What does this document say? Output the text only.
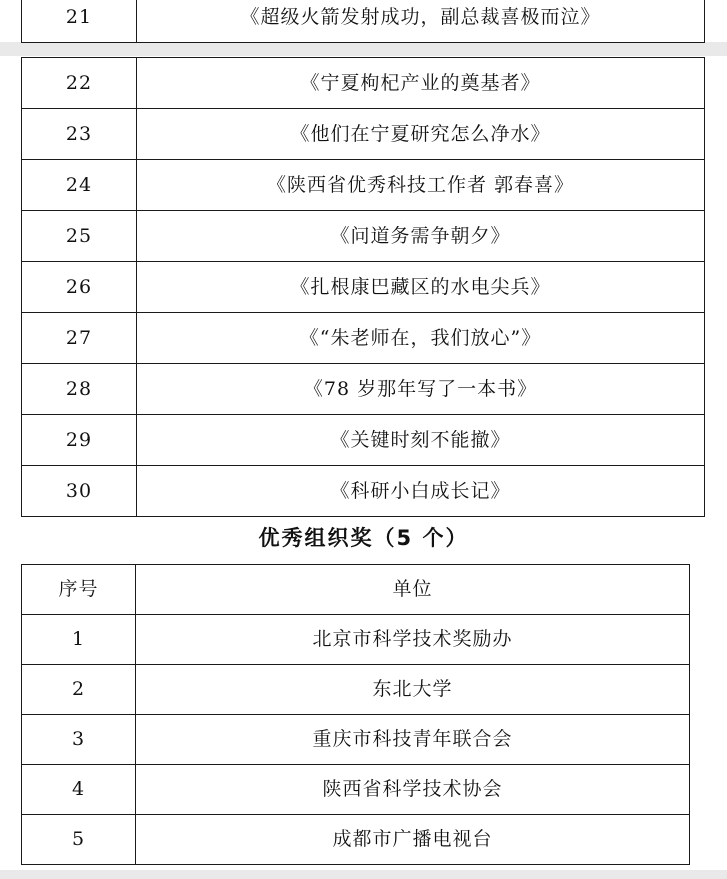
21	《超级火箭发射成功，副总裁喜极而泣》
22	《宁夏枸杞产业的奠基者》
23	《他们在宁夏研究怎么净水》
24	《陕西省优秀科技工作者 郭春喜》
25	《问道务需争朝夕》
26	《扎根康巴藏区的水电尖兵》
27	《“朱老师在，我们放心”》
28	《78 岁那年写了一本书》
29	《关键时刻不能撤》
30	《科研小白成长记》
优秀组织奖（5 个）
序号	单位
1	北京市科学技术奖励办
2	东北大学
3	重庆市科技青年联合会
4	陕西省科学技术协会
5	成都市广播电视台
